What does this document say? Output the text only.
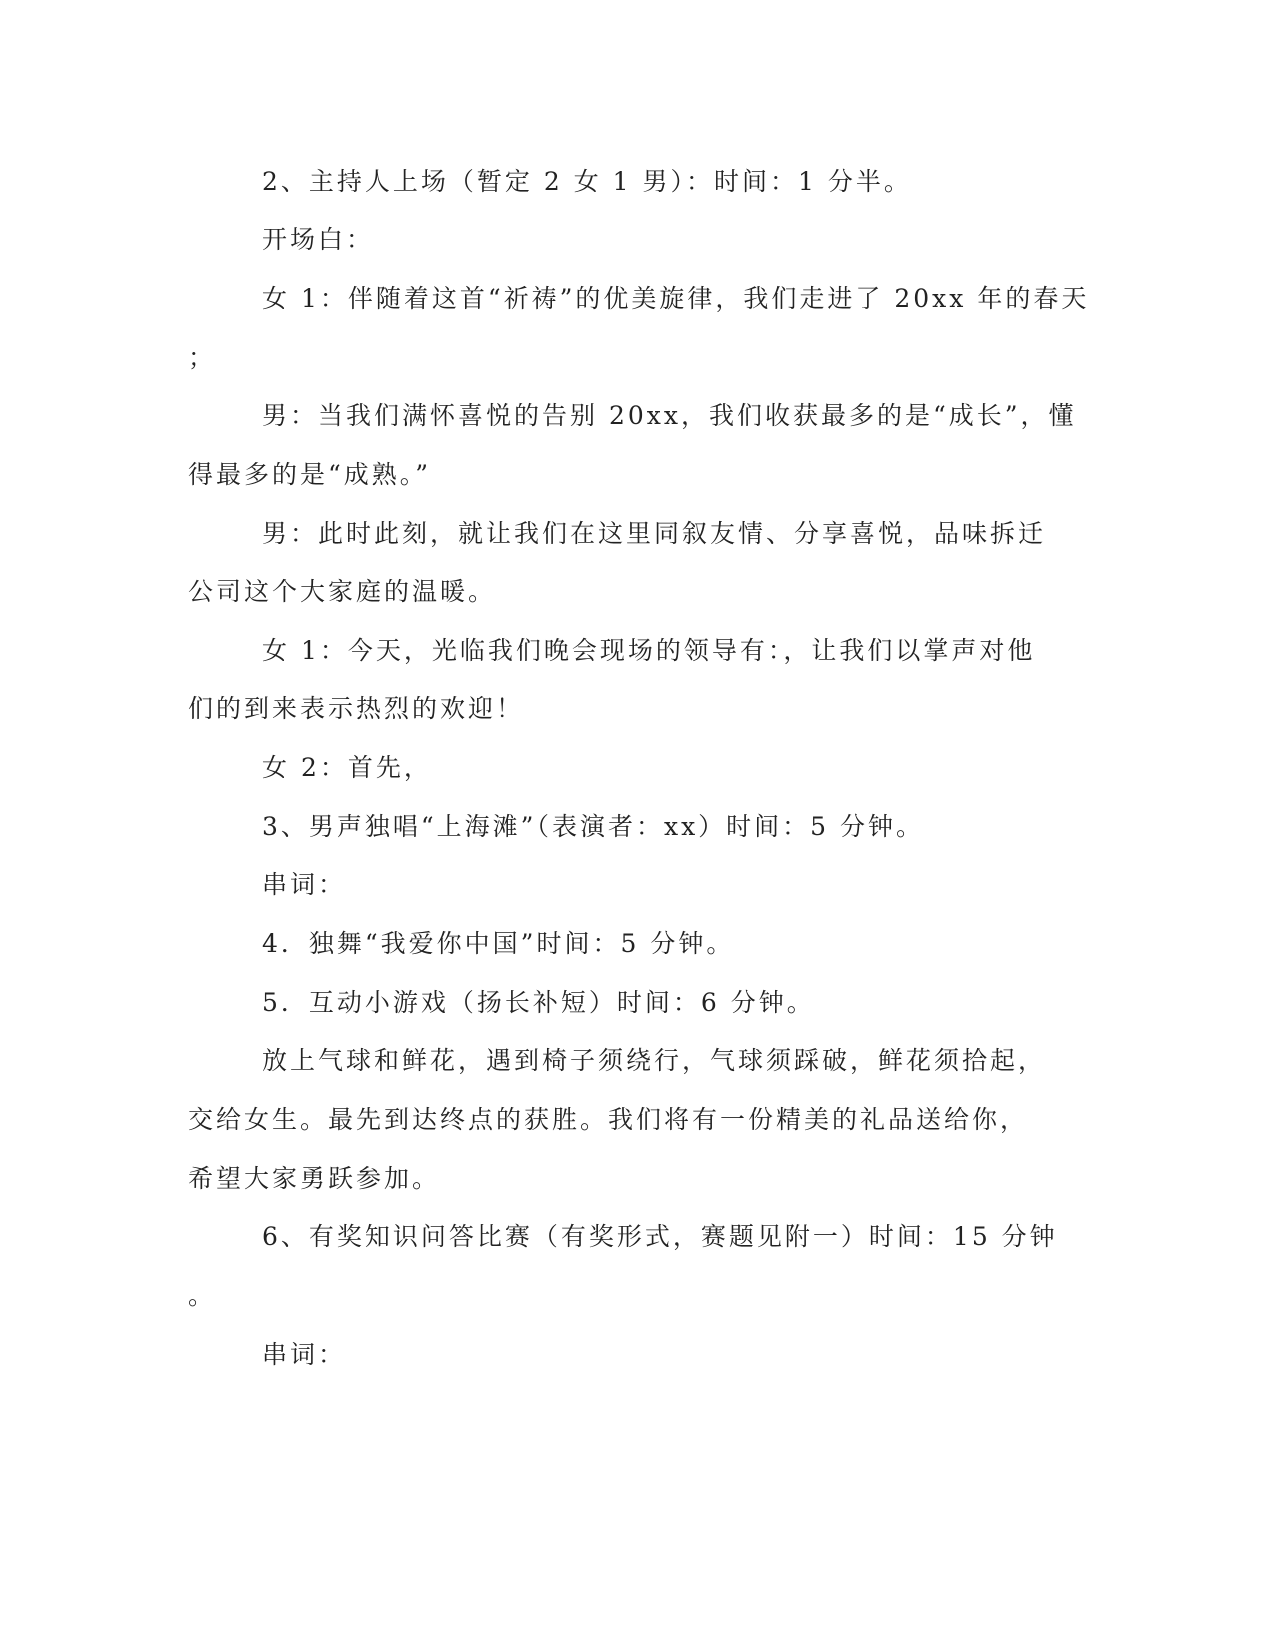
2、主持人上场（暂定 2 女 1 男）：时间：1 分半。

开场白：

女 1：伴随着这首“祈祷”的优美旋律，我们走进了 20xx 年的春天

；

男：当我们满怀喜悦的告别 20xx，我们收获最多的是“成长”，懂

得最多的是“成熟。”

男：此时此刻，就让我们在这里同叙友情、分享喜悦，品味拆迁

公司这个大家庭的温暖。

女 1：今天，光临我们晚会现场的领导有：，让我们以掌声对他

们的到来表示热烈的欢迎！

女 2：首先，

3、男声独唱“上海滩”（表演者：xx）时间：5 分钟。

串词：

4．独舞“我爱你中国”时间：5 分钟。

5．互动小游戏（扬长补短）时间：6 分钟。

放上气球和鲜花，遇到椅子须绕行，气球须踩破，鲜花须拾起，

交给女生。最先到达终点的获胜。我们将有一份精美的礼品送给你，

希望大家勇跃参加。

6、有奖知识问答比赛（有奖形式，赛题见附一）时间：15 分钟

。

串词：
